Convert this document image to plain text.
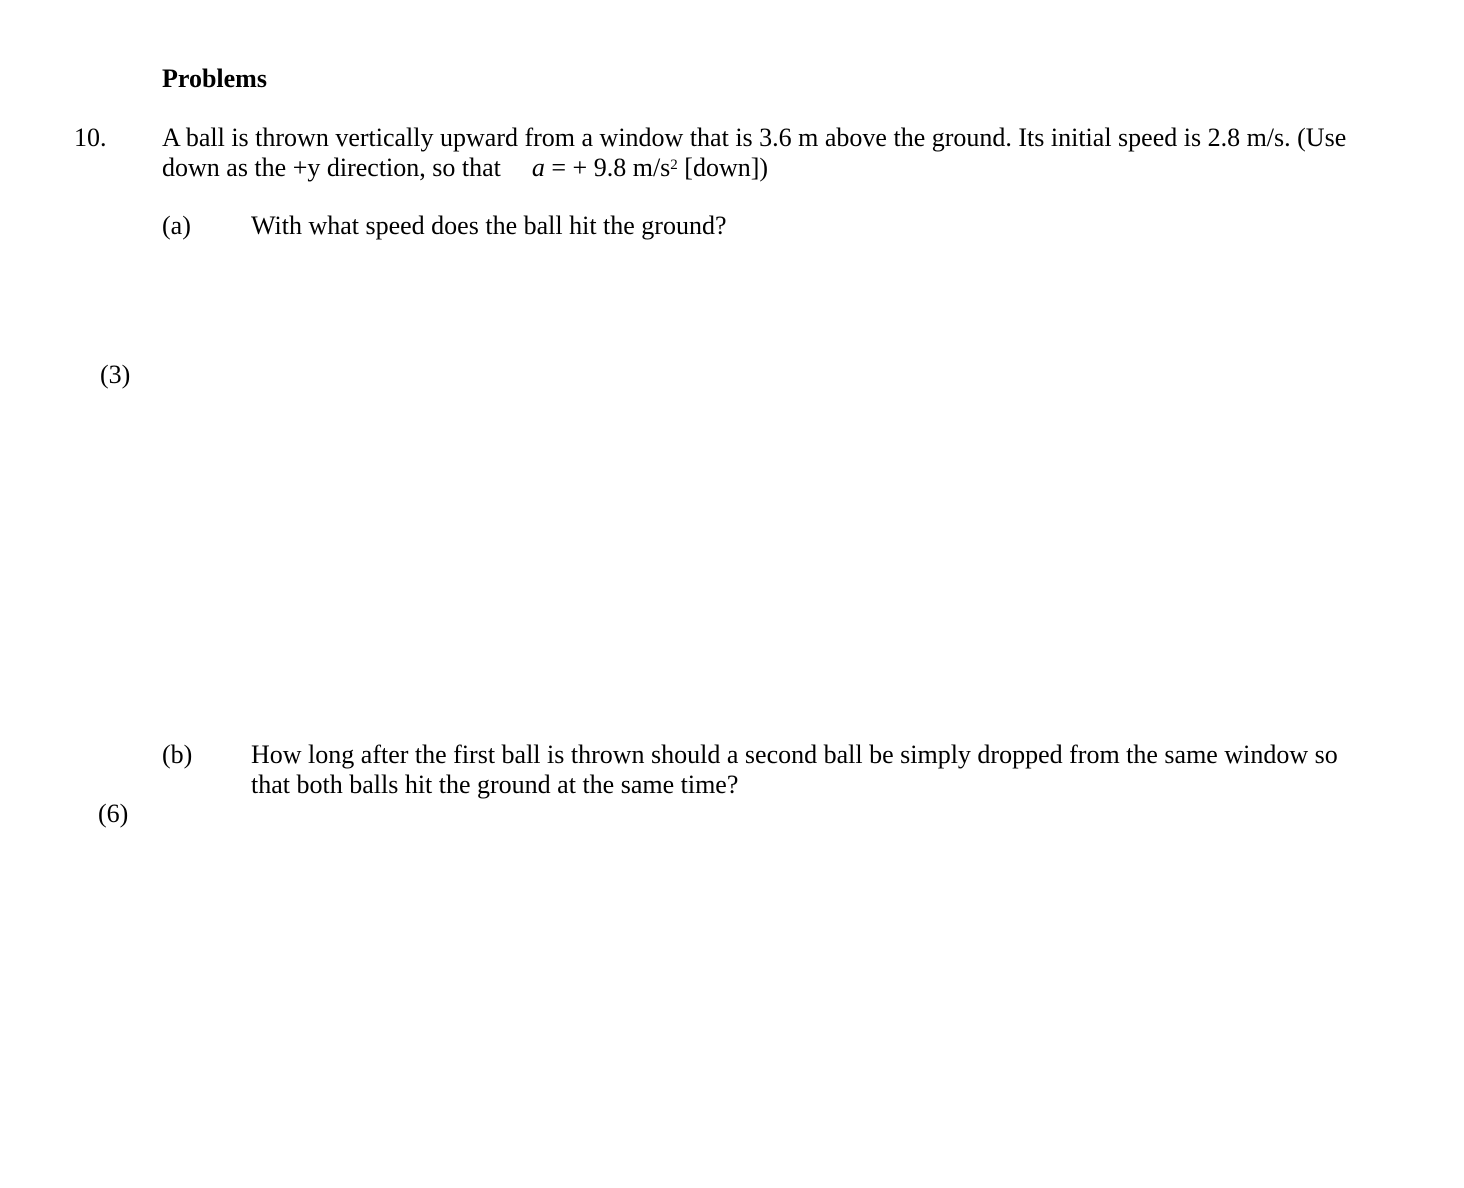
Problems
10. A ball is thrown vertically upward from a window that is 3.6 m above the ground. Its initial speed is 2.8 m/s. (Use
down as the +y direction, so that a = + 9.8 $m/s^2$ [down])
(a) With what speed does the ball hit the ground?
(3)
(b) How long after the first ball is thrown should a second ball be simply dropped from the same window so
that both balls hit the ground at the same time?
(6)
